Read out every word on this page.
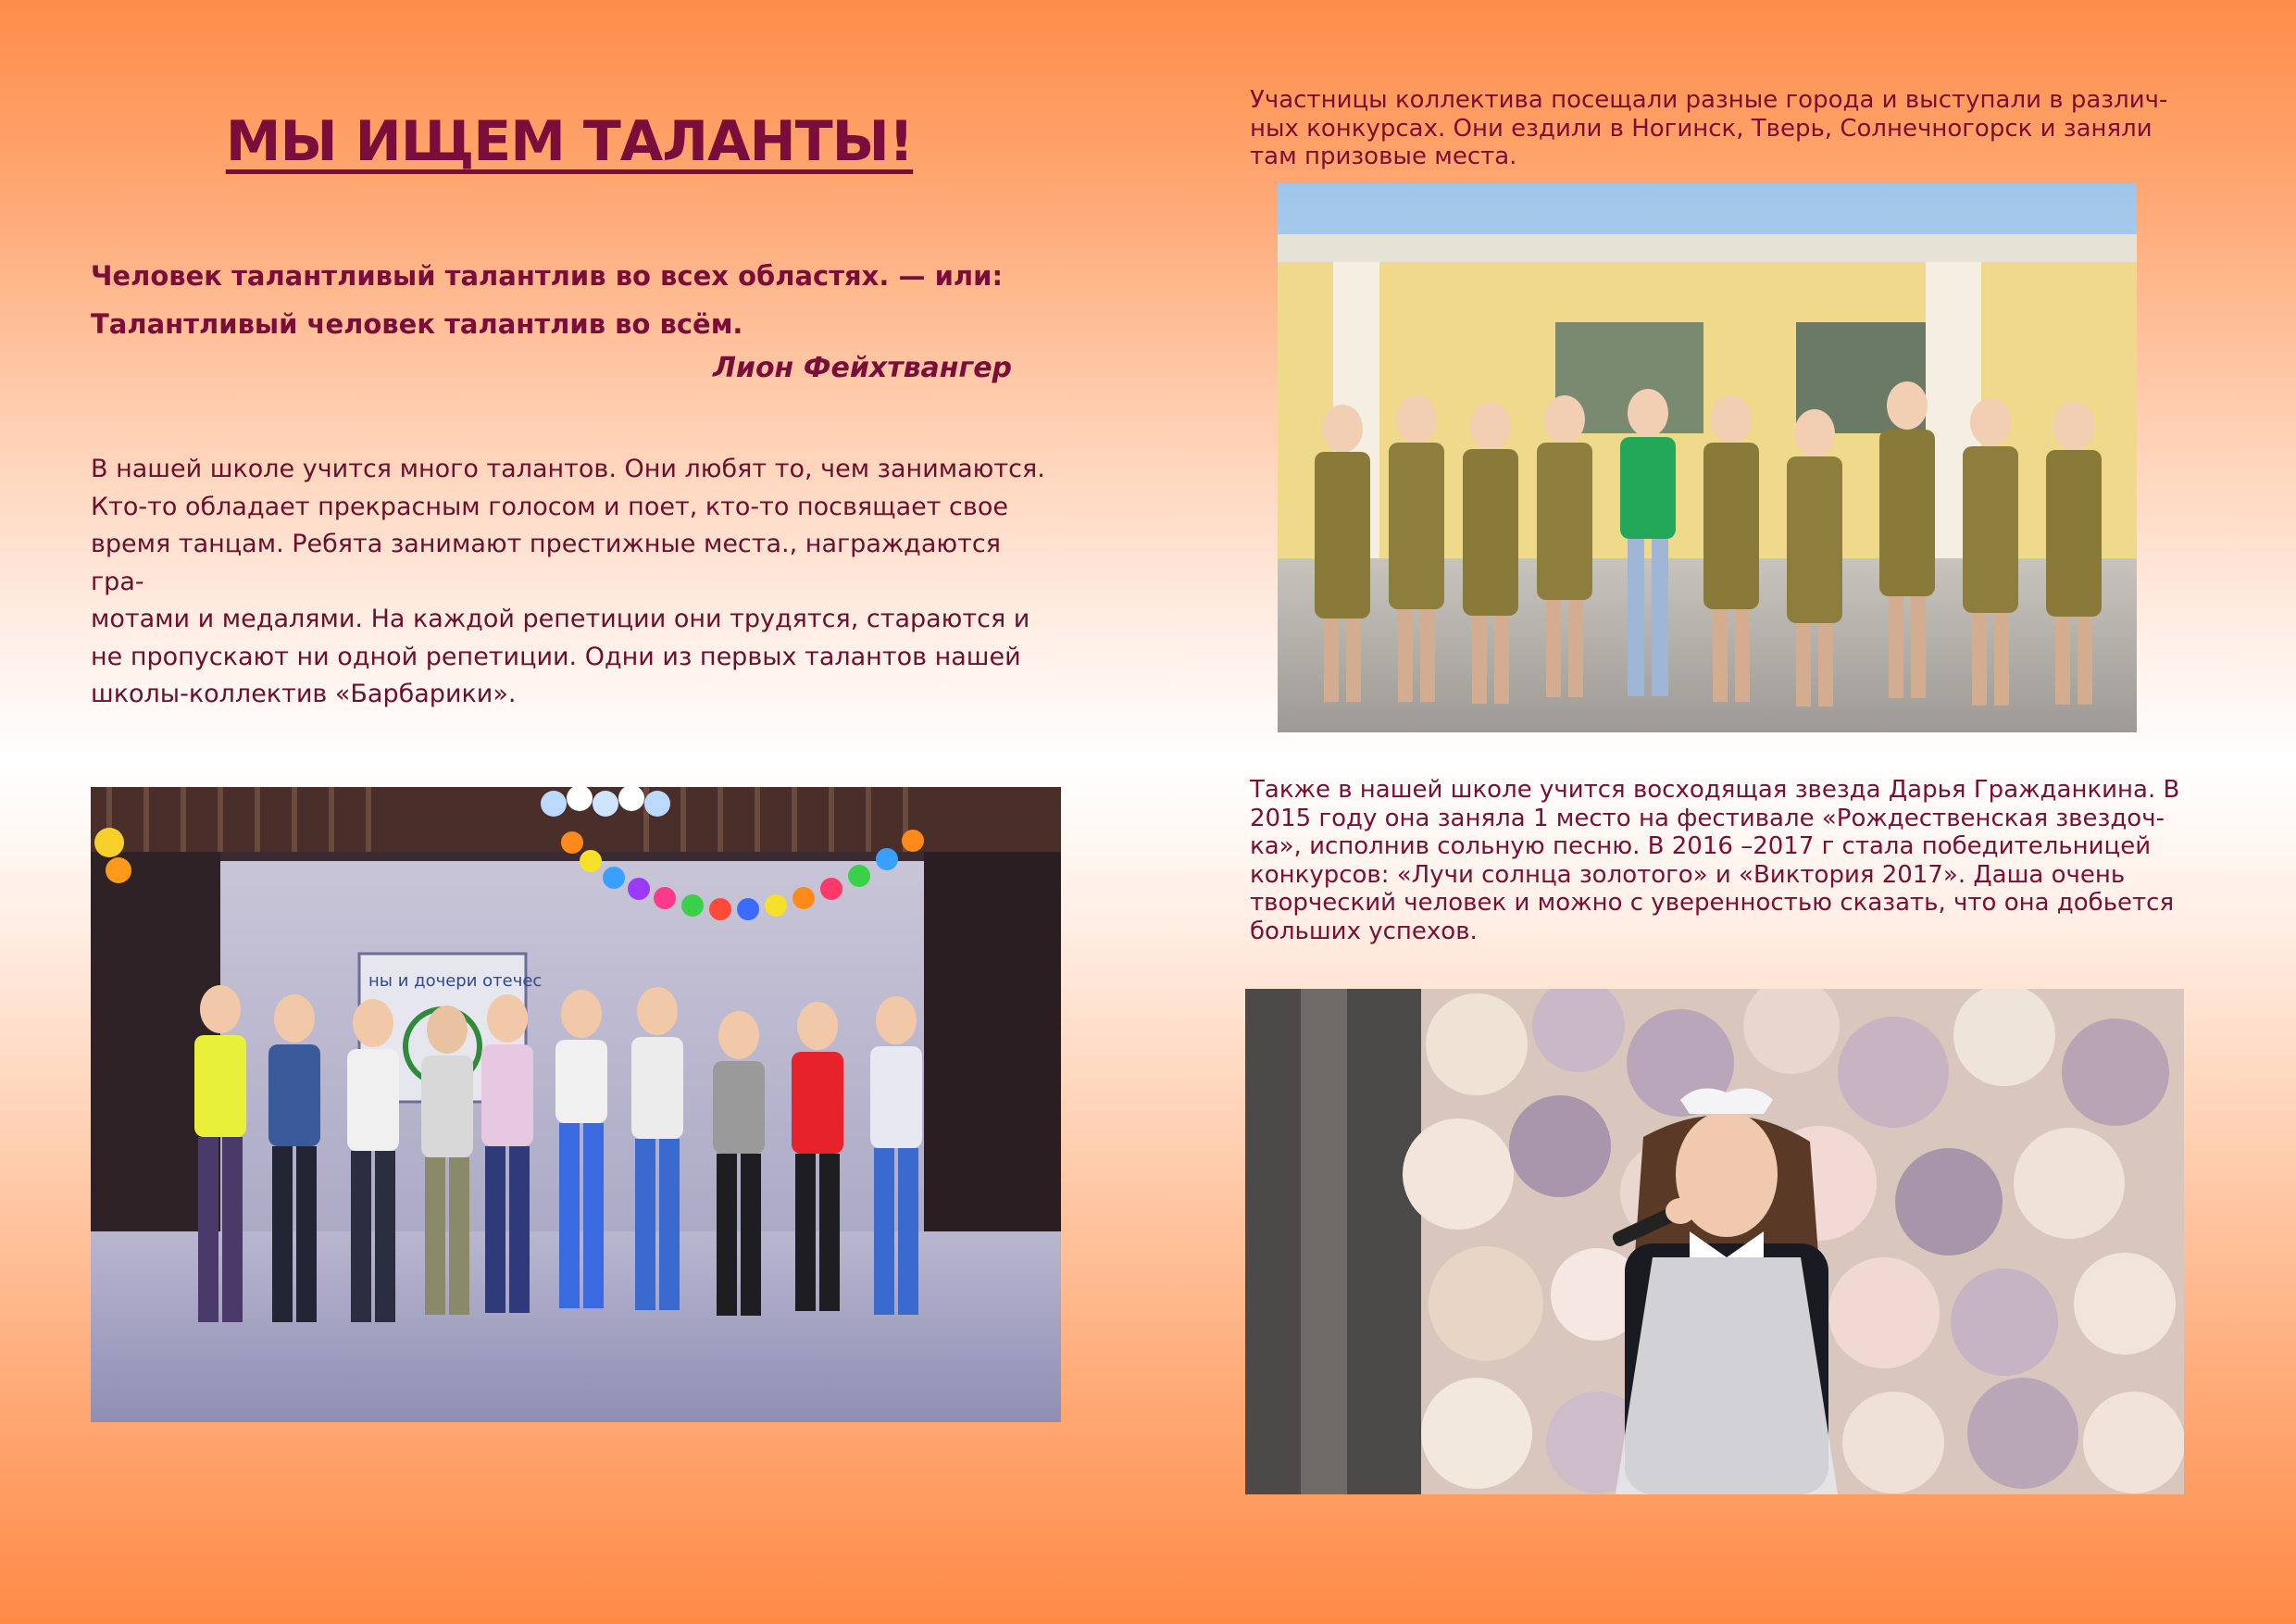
МЫ ИЩЕМ ТАЛАНТЫ!
Человек талантливый талантлив во всех областях. — или:
Талантливый человек талантлив во всём.
Лион Фейхтвангер
В нашей школе учится много талантов. Они любят то, чем занимаются.
Кто-то обладает прекрасным голосом и поет, кто-то посвящает свое
время танцам. Ребята занимают престижные места., награждаются гра-
мотами и медалями. На каждой репетиции они трудятся, стараются и
не пропускают ни одной репетиции. Одни из первых талантов нашей
школы-коллектив «Барбарики».
Участницы коллектива посещали разные города и выступали в различ-
ных конкурсах. Они ездили в Ногинск, Тверь, Солнечногорск и заняли
там призовые места.
Также в нашей школе учится восходящая звезда Дарья Гражданкина. В
2015 году она заняла 1 место на фестивале «Рождественская звездоч-
ка», исполнив сольную песню. В 2016 –2017 г стала победительницей
конкурсов: «Лучи солнца золотого» и «Виктория 2017». Даша очень
творческий человек и можно с уверенностью сказать, что она добьется
больших успехов.
ны и дочери отечес
